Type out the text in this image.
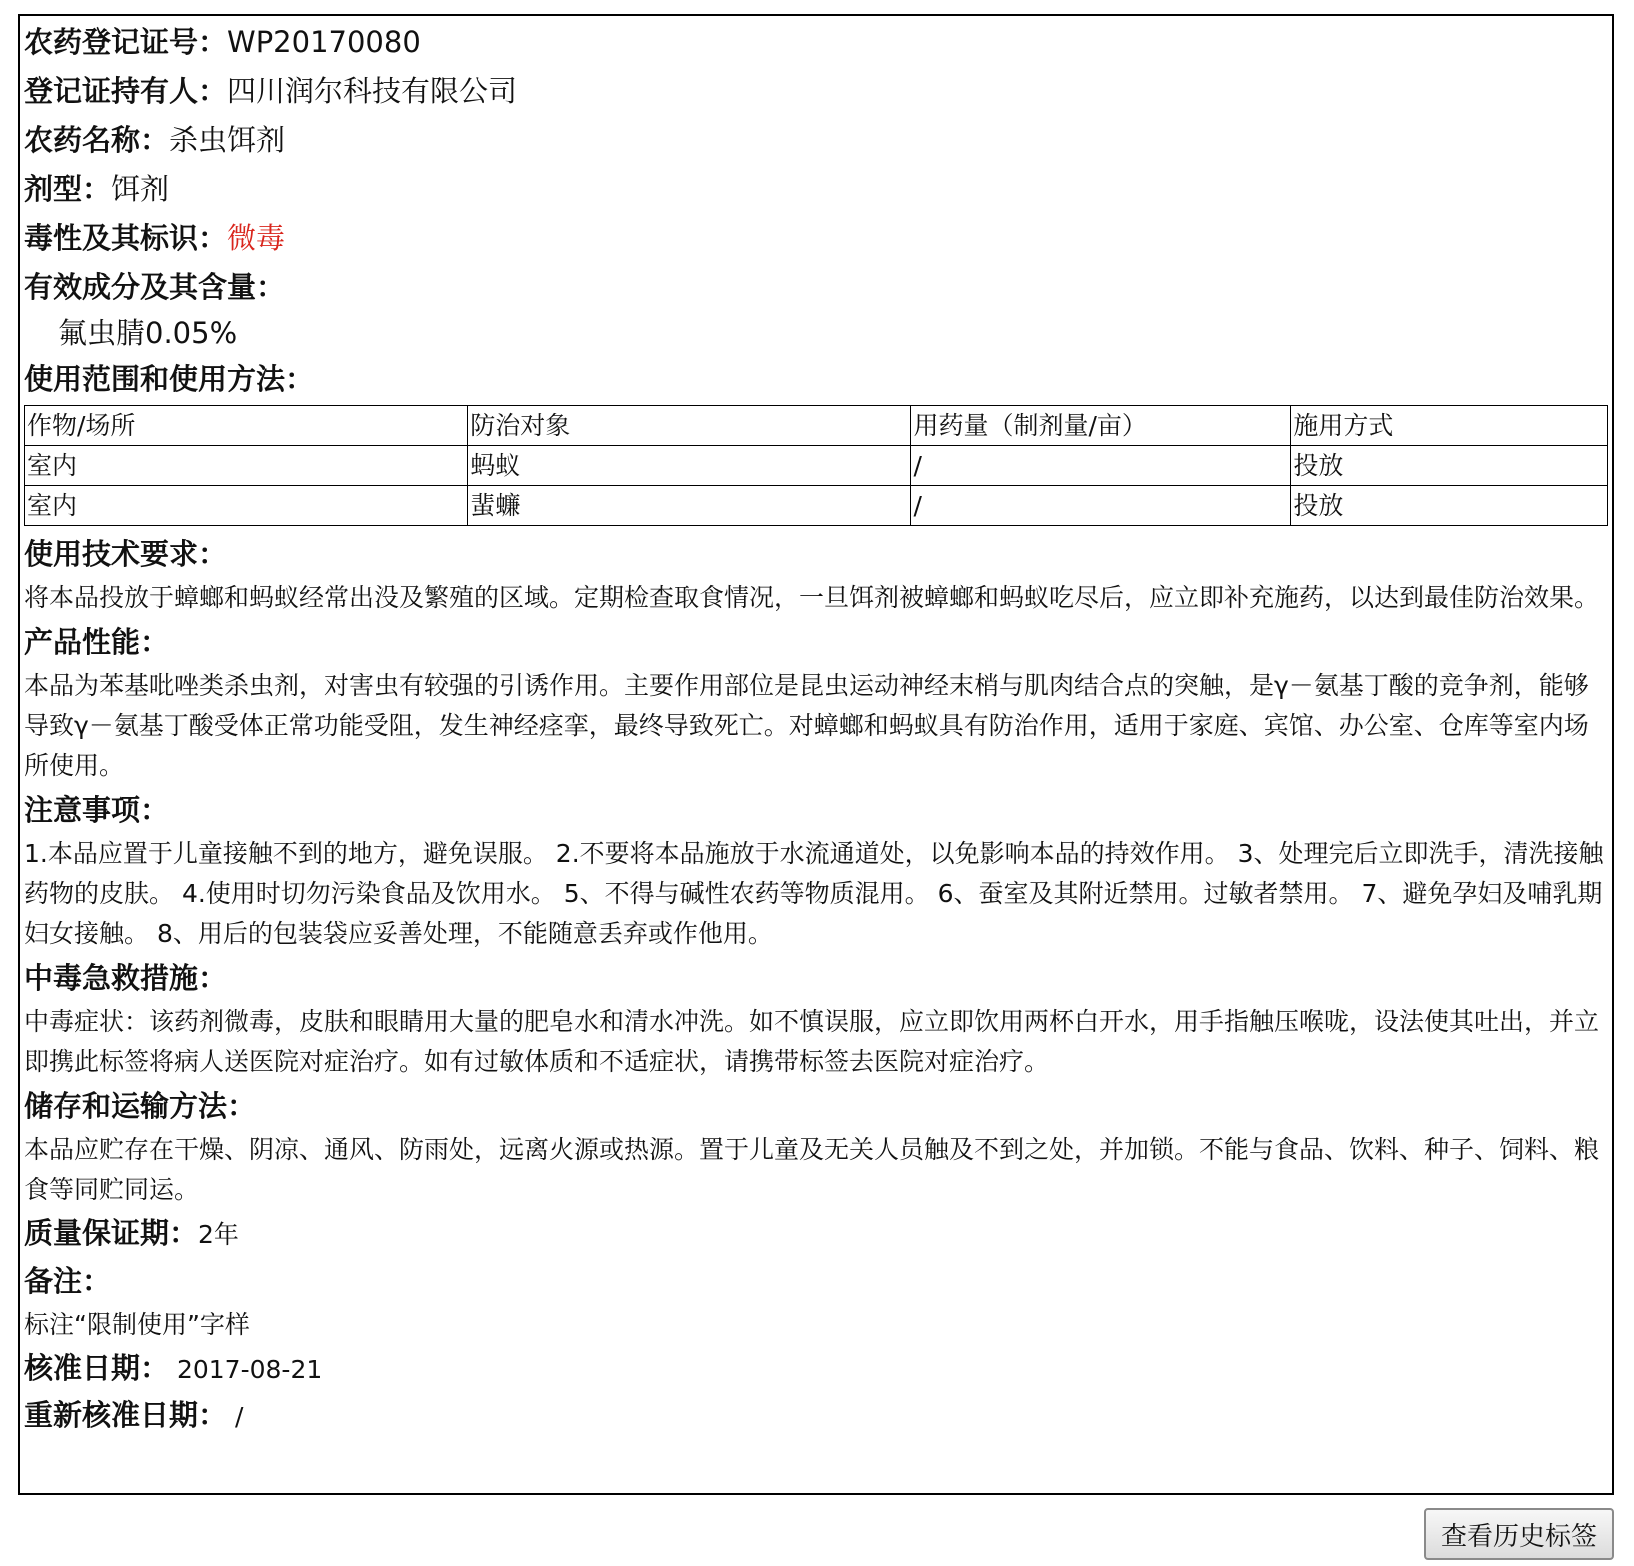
农药登记证号：WP20170080
登记证持有人：四川润尔科技有限公司
农药名称：杀虫饵剂
剂型：饵剂
毒性及其标识：微毒
有效成分及其含量：
氟虫腈0.05%
使用范围和使用方法：
作物/场所	防治对象	用药量（制剂量/亩）	施用方式
室内	蚂蚁	/	投放
室内	蜚蠊	/	投放
使用技术要求：

将本品投放于蟑螂和蚂蚁经常出没及繁殖的区域。定期检查取食情况，一旦饵剂被蟑螂和蚂蚁吃尽后，应立即补充施药，以达到最佳防治效果。

产品性能：

本品为苯基吡唑类杀虫剂，对害虫有较强的引诱作用。主要作用部位是昆虫运动神经末梢与肌肉结合点的突触，是γ－氨基丁酸的竞争剂，能够导致γ－氨基丁酸受体正常功能受阻，发生神经痉挛，最终导致死亡。对蟑螂和蚂蚁具有防治作用，适用于家庭、宾馆、办公室、仓库等室内场所使用。

注意事项：

1.本品应置于儿童接触不到的地方，避免误服。 2.不要将本品施放于水流通道处，以免影响本品的持效作用。 3、处理完后立即洗手，清洗接触药物的皮肤。 4.使用时切勿污染食品及饮用水。 5、不得与碱性农药等物质混用。 6、蚕室及其附近禁用。过敏者禁用。 7、避免孕妇及哺乳期妇女接触。 8、用后的包装袋应妥善处理，不能随意丢弃或作他用。

中毒急救措施：

中毒症状：该药剂微毒，皮肤和眼睛用大量的肥皂水和清水冲洗。如不慎误服，应立即饮用两杯白开水，用手指触压喉咙，设法使其吐出，并立即携此标签将病人送医院对症治疗。如有过敏体质和不适症状，请携带标签去医院对症治疗。

储存和运输方法：

本品应贮存在干燥、阴凉、通风、防雨处，远离火源或热源。置于儿童及无关人员触及不到之处，并加锁。不能与食品、饮料、种子、饲料、粮食等同贮同运。

质量保证期：2年
备注：

标注“限制使用”字样

核准日期： 2017-08-21
重新核准日期： /
查看历史标签
